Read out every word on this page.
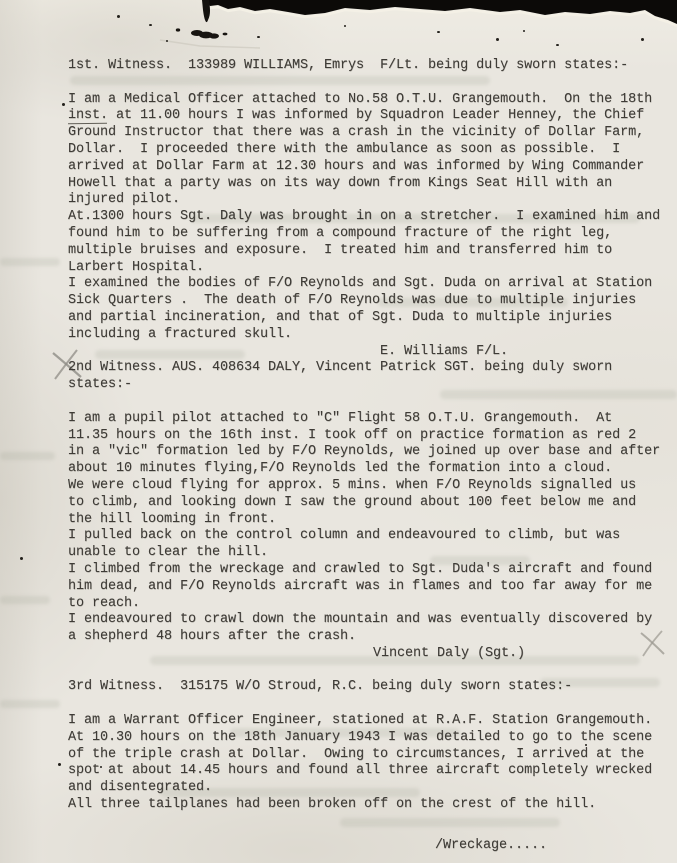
1st. Witness.  133989 WILLIAMS, Emrys  F/Lt. being duly sworn states:-
I am a Medical Officer attached to No.58 O.T.U. Grangemouth.  On the 18th
inst. at 11.00 hours I was informed by Squadron Leader Henney, the Chief
Ground Instructor that there was a crash in the vicinity of Dollar Farm,
Dollar.  I proceeded there with the ambulance as soon as possible.  I
arrived at Dollar Farm at 12.30 hours and was informed by Wing Commander
Howell that a party was on its way down from Kings Seat Hill with an
injured pilot.
At.1300 hours Sgt. Daly was brought in on a stretcher.  I examined him and
found him to be suffering from a compound fracture of the right leg,
multiple bruises and exposure.  I treated him and transferred him to
Larbert Hospital.
I examined the bodies of F/O Reynolds and Sgt. Duda on arrival at Station
Sick Quarters .  The death of F/O Reynolds was due to multiple injuries
and partial incineration, and that of Sgt. Duda to multiple injuries
including a fractured skull.
E. Williams F/L.
2nd Witness. AUS. 408634 DALY, Vincent Patrick SGT. being duly sworn
states:-
I am a pupil pilot attached to "C" Flight 58 O.T.U. Grangemouth.  At
11.35 hours on the 16th inst. I took off on practice formation as red 2
in a "vic" formation led by F/O Reynolds, we joined up over base and after
about 10 minutes flying,F/O Reynolds led the formation into a cloud.
We were cloud flying for approx. 5 mins. when F/O Reynolds signalled us
to climb, and looking down I saw the ground about 100 feet below me and
the hill looming in front.
I pulled back on the control column and endeavoured to climb, but was
unable to clear the hill.
I climbed from the wreckage and crawled to Sgt. Duda's aircraft and found
him dead, and F/O Reynolds aircraft was in flames and too far away for me
to reach.
I endeavoured to crawl down the mountain and was eventually discovered by
a shepherd 48 hours after the crash.
Vincent Daly (Sgt.)
3rd Witness.  315175 W/O Stroud, R.C. being duly sworn states:-
I am a Warrant Officer Engineer, stationed at R.A.F. Station Grangemouth.
At 10.30 hours on the 18th January 1943 I was detailed to go to the scene
of the triple crash at Dollar.  Owing to circumstances, I arrived at the
spot at about 14.45 hours and found all three aircraft completely wrecked
and disentegrated.
All three tailplanes had been broken off on the crest of the hill.
/Wreckage.....
